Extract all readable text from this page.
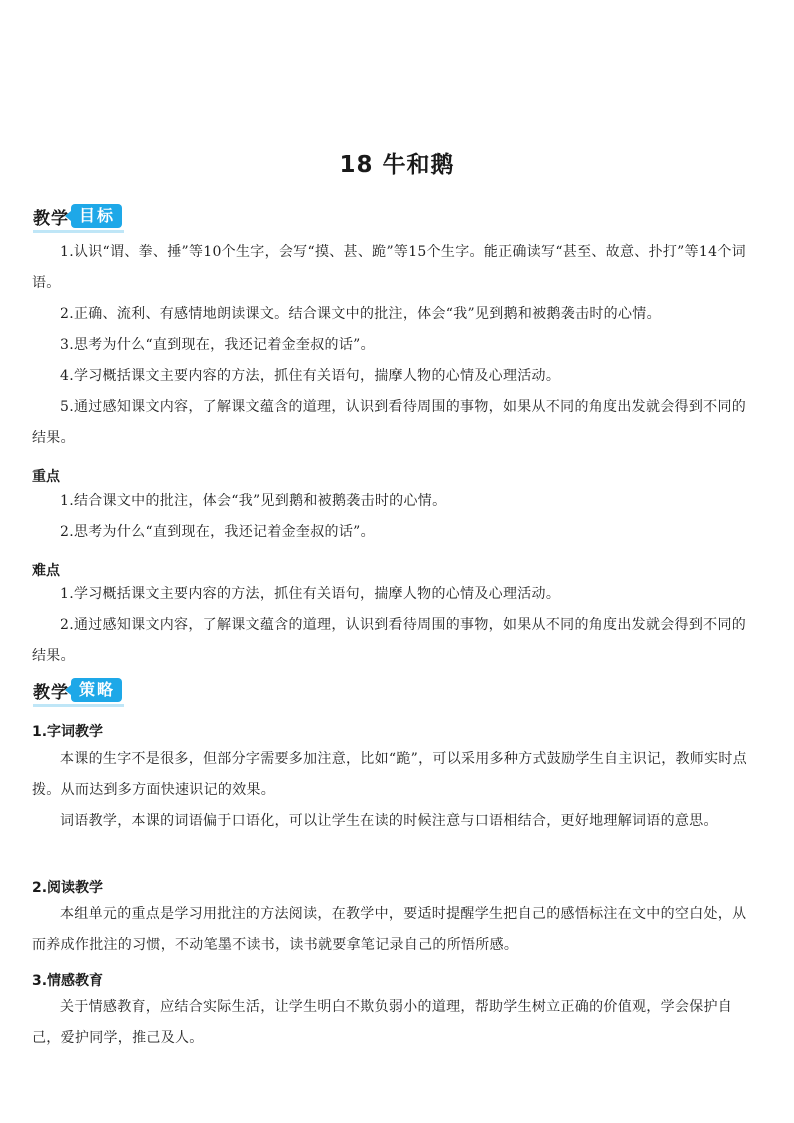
18 牛和鹅
教学 目标
1.认识“谓、拳、捶”等10个生字，会写“摸、甚、跪”等15个生字。能正确读写“甚至、故意、扑打”等14个词语。
2.正确、流利、有感情地朗读课文。结合课文中的批注，体会“我”见到鹅和被鹅袭击时的心情。
3.思考为什么“直到现在，我还记着金奎叔的话”。
4.学习概括课文主要内容的方法，抓住有关语句，揣摩人物的心情及心理活动。
5.通过感知课文内容，了解课文蕴含的道理，认识到看待周围的事物，如果从不同的角度出发就会得到不同的结果。
重点
1.结合课文中的批注，体会“我”见到鹅和被鹅袭击时的心情。
2.思考为什么“直到现在，我还记着金奎叔的话”。
难点
1.学习概括课文主要内容的方法，抓住有关语句，揣摩人物的心情及心理活动。
2.通过感知课文内容，了解课文蕴含的道理，认识到看待周围的事物，如果从不同的角度出发就会得到不同的结果。
教学 策略
1.字词教学
本课的生字不是很多，但部分字需要多加注意，比如“跪”，可以采用多种方式鼓励学生自主识记，教师实时点拨。从而达到多方面快速识记的效果。
词语教学，本课的词语偏于口语化，可以让学生在读的时候注意与口语相结合，更好地理解词语的意思。
2.阅读教学
本组单元的重点是学习用批注的方法阅读，在教学中，要适时提醒学生把自己的感悟标注在文中的空白处，从而养成作批注的习惯，不动笔墨不读书，读书就要拿笔记录自己的所悟所感。
3.情感教育
关于情感教育，应结合实际生活，让学生明白不欺负弱小的道理，帮助学生树立正确的价值观，学会保护自己，爱护同学，推己及人。
